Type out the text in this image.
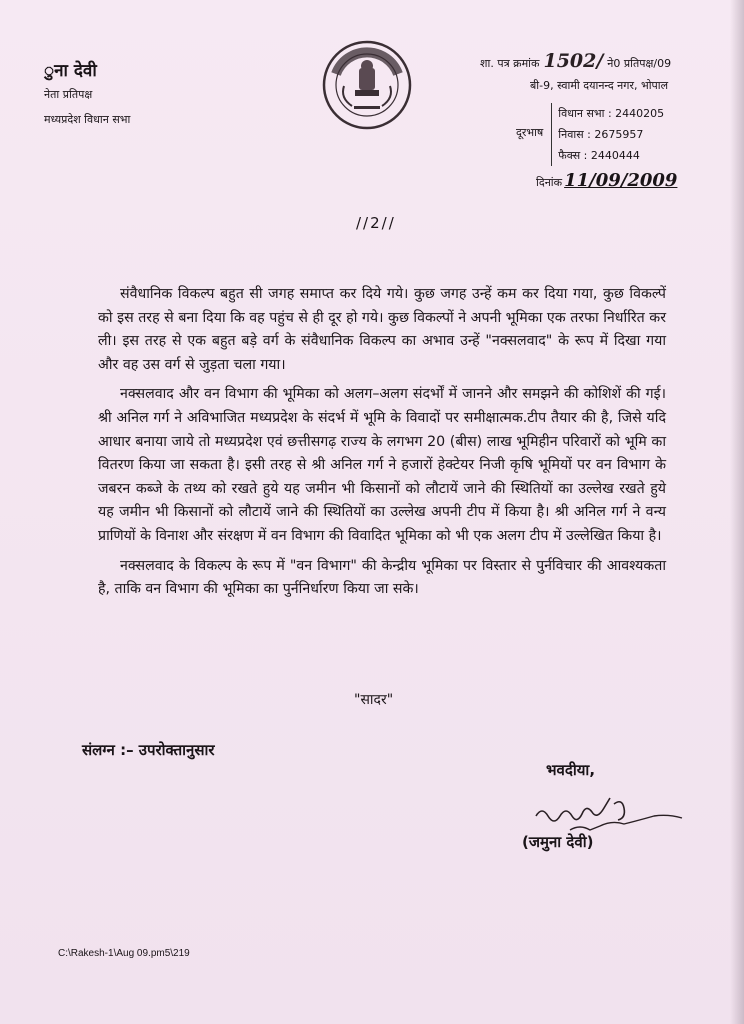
ुना देवी
नेता प्रतिपक्ष
मध्यप्रदेश विधान सभा
शा. पत्र क्रमांक 1502/ ने0 प्रतिपक्ष/09
बी-9, स्वामी दयानन्द नगर, भोपाल
दूरभाष
विधान सभा : 2440205
निवास : 2675957
फैक्स : 2440444
दिनांक 11/09/2009
//2//

संवैधानिक विकल्प बहुत सी जगह समाप्त कर दिये गये। कुछ जगह उन्हें कम कर दिया गया, कुछ विकल्पें को इस तरह से बना दिया कि वह पहुंच से ही दूर हो गये। कुछ विकल्पों ने अपनी भूमिका एक तरफा निर्धारित कर ली। इस तरह से एक बहुत बड़े वर्ग के संवैधानिक विकल्प का अभाव उन्हें "नक्सलवाद" के रूप में दिखा गया और वह उस वर्ग से जुड़ता चला गया।

नक्सलवाद और वन विभाग की भूमिका को अलग–अलग संदर्भों में जानने और समझने की कोशिशें की गई। श्री अनिल गर्ग ने अविभाजित मध्यप्रदेश के संदर्भ में भूमि के विवादों पर समीक्षात्मक.टीप तैयार की है, जिसे यदि आधार बनाया जाये तो मध्यप्रदेश एवं छत्तीसगढ़ राज्य के लगभग 20 (बीस) लाख भूमिहीन परिवारों को भूमि का वितरण किया जा सकता है। इसी तरह से श्री अनिल गर्ग ने हजारों हेक्टेयर निजी कृषि भूमियों पर वन विभाग के जबरन कब्जे के तथ्य को रखते हुये यह जमीन भी किसानों को लौटायें जाने की स्थितियों का उल्लेख रखते हुये यह जमीन भी किसानों को लौटायें जाने की स्थितियों का उल्लेख अपनी टीप में किया है। श्री अनिल गर्ग ने वन्य प्राणियों के विनाश और संरक्षण में वन विभाग की विवादित भूमिका को भी एक अलग टीप में उल्लेखित किया है।

नक्सलवाद के विकल्प के रूप में "वन विभाग" की केन्द्रीय भूमिका पर विस्तार से पुर्नविचार की आवश्यकता है, ताकि वन विभाग की भूमिका का पुर्ननिर्धारण किया जा सके।

"सादर"
संलग्न :– उपरोक्तानुसार
भवदीया,
(जमुना देवी)
C:\Rakesh-1\Aug 09.pm5\219
